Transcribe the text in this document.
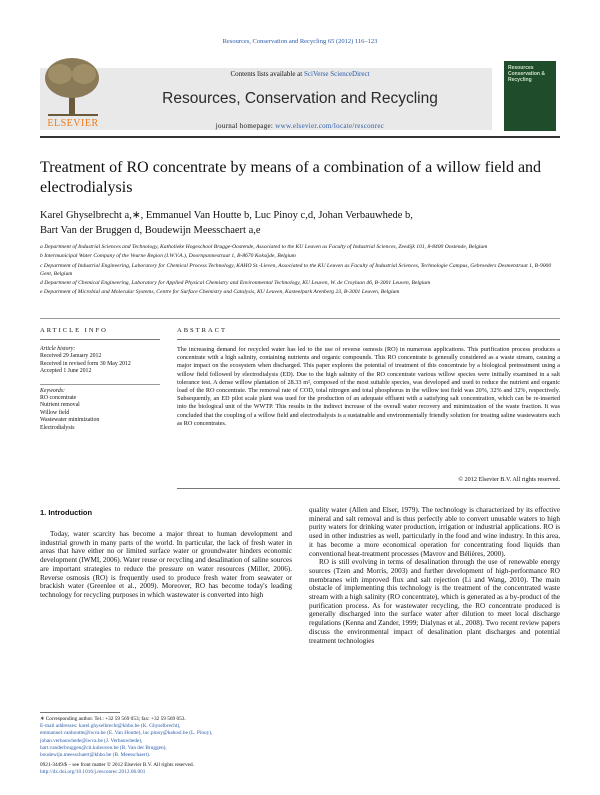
Resources, Conservation and Recycling 65 (2012) 116–123
ELSEVIER
Contents lists available at SciVerse ScienceDirect
Resources, Conservation and Recycling
journal homepage: www.elsevier.com/locate/resconrec
Resources Conservation & Recycling
Treatment of RO concentrate by means of a combination of a willow field and electrodialysis
Karel Ghyselbrecht a,∗, Emmanuel Van Houtte b, Luc Pinoy c,d, Johan Verbauwhede b,
Bart Van der Bruggen d, Boudewijn Meesschaert a,e
a Department of Industrial Sciences and Technology, Katholieke Hogeschool Brugge-Oostende, Associated to the KU Leuven as Faculty of Industrial Sciences, Zeedijk 101, 8-8400 Oostende, Belgium
b Intermunicipal Water Company of the Veurne Region (I.W.V.A.), Doornpannestraat 1, B-8670 Koksijde, Belgium
c Department of Industrial Engineering, Laboratory for Chemical Process Technology, KAHO St.-Lieven, Associated to the KU Leuven as Faculty of Industrial Sciences, Technologie Campus, Gebroeders Desmetstraat 1, B-9000 Gent, Belgium
d Department of Chemical Engineering, Laboratory for Applied Physical Chemistry and Environmental Technology, KU Leuven, W. de Croylaan 46, B-3001 Leuven, Belgium
e Department of Microbial and Molecular Systems, Centre for Surface Chemistry and Catalysis, KU Leuven, Kasteelpark Arenberg 23, B-3001 Leuven, Belgium
ARTICLE INFO
Article history:
Received 29 January 2012
Received in revised form 30 May 2012
Accepted 1 June 2012
Keywords:
RO concentrate
Nutrient removal
Willow field
Wastewater minimization
Electrodialysis
ABSTRACT
The increasing demand for recycled water has led to the use of reverse osmosis (RO) in numerous applications. This purification process produces a concentrate with a high salinity, containing nutrients and organic compounds. This RO concentrate is generally considered as a waste stream, causing a major impact on the ecosystem when discharged. This paper explores the potential of treatment of this concentrate by a biological pretreatment using a willow field followed by electrodialysis (ED). Due to the high salinity of the RO concentrate various willow species were initially examined in a salt tolerance test. A dense willow plantation of 28.33 m², composed of the most suitable species, was developed and used to reduce the nutrient and organic load of the RO concentrate. The removal rate of COD, total nitrogen and total phosphorus in the willow test field was 20%, 32% and 32%, respectively. Subsequently, an ED pilot scale plant was used for the production of an adequate effluent with a satisfying salt concentration, which can be re-inserted into the biological unit of the WWTP. This results in the indirect increase of the overall water recovery and minimization of the waste fraction. It was concluded that the coupling of a willow field and electrodialysis is a sustainable and environmentally friendly solution for treating saline wastewaters such as RO concentrates.
© 2012 Elsevier B.V. All rights reserved.
1. Introduction

Today, water scarcity has become a major threat to human development and industrial growth in many parts of the world. In particular, the lack of fresh water in areas that have either no or limited surface water or groundwater hinders economic development (IWMI, 2006). Water reuse or recycling and desalination of saline sources are important strategies to reduce the pressure on water resources (Miller, 2006). Reverse osmosis (RO) is frequently used to produce fresh water from seawater or brackish water (Greenlee et al., 2009). Moreover, RO has become today's leading technology for recycling purposes in which wastewater is converted into high

quality water (Allen and Elser, 1979). The technology is characterized by its effective mineral and salt removal and is thus perfectly able to convert unusable waters to high purity waters for drinking water production, irrigation or industrial applications. RO is used in other industries as well, particularly in the food and wine industry. In this area, it has become a more economical operation for concentrating food liquids than conventional heat-treatment processes (Mavrov and Bélières, 2000).

RO is still evolving in terms of desalination through the use of renewable energy sources (Tzen and Morris, 2003) and further development of high-performance RO membranes with improved flux and salt rejection (Li and Wang, 2010). The main obstacle of implementing this technology is the treatment of the concentrated waste stream with a high salinity (RO concentrate), which is generated as a by-product of the purification process. As for wastewater recycling, the RO concentrate produced is generally discharged into the surface water after dilution to meet local discharge regulations (Kenna and Zander, 1999; Dialynas et al., 2008). Two recent review papers discuss the environmental impact of desalination plant discharges and potential treatment technologies

∗ Corresponding author. Tel.: +32 59 569 053; fax: +32 59 569 053.
E-mail addresses: karel.ghyselbrecht@khbo.be (K. Ghyselbrecht),
emmanuel.vanhoutte@iwva.be (E. Van Houtte), luc.pinoy@kahosl.be (L. Pinoy),
johan.verbauwhede@iwva.be (J. Verbauwhede),
bart.vanderbruggen@cit.kuleuven.be (B. Van der Bruggen),
boudewijn.meesschaert@khbo.be (B. Meesschaert).
0921-3449/$ – see front matter © 2012 Elsevier B.V. All rights reserved.
http://dx.doi.org/10.1016/j.resconrec.2012.06.001
